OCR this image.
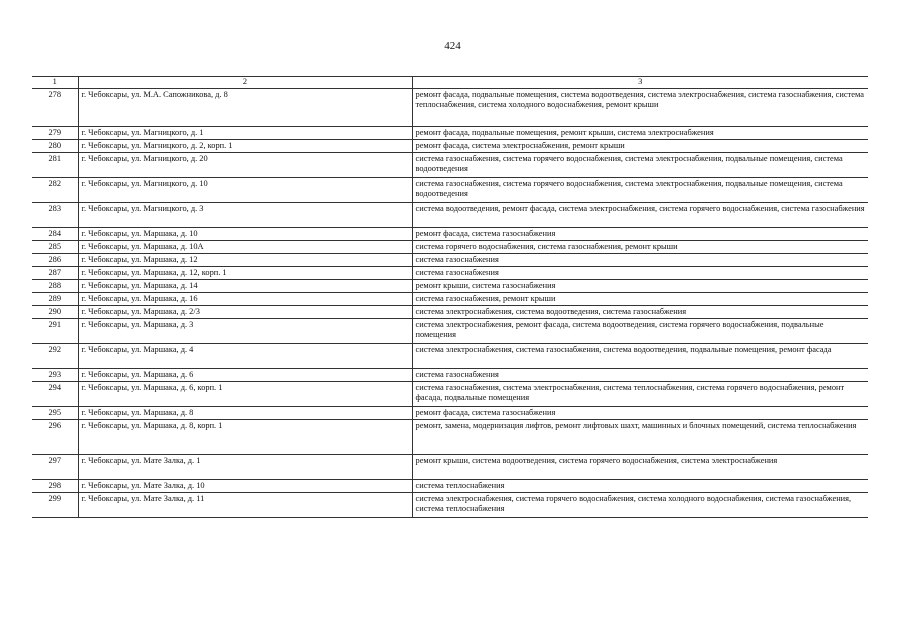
424
1	2	3
278	г. Чебоксары, ул. М.А. Сапожникова, д. 8	ремонт фасада, подвальные помещения, система водоотведения, система электроснабжения, система газоснабжения, система теплоснабжения, система холодного водоснабжения, ремонт крыши
279	г. Чебоксары, ул. Магницкого, д. 1	ремонт фасада, подвальные помещения, ремонт крыши, система электроснабжения
280	г. Чебоксары, ул. Магницкого, д. 2, корп. 1	ремонт фасада, система электроснабжения, ремонт крыши
281	г. Чебоксары, ул. Магницкого, д. 20	система газоснабжения, система горячего водоснабжения, система электроснабжения, подвальные помещения, система водоотведения
282	г. Чебоксары, ул. Магницкого, д. 10	система газоснабжения, система горячего водоснабжения, система электроснабжения, подвальные помещения, система водоотведения
283	г. Чебоксары, ул. Магницкого, д. 3	система водоотведения, ремонт фасада, система электроснабжения, система горячего водоснабжения, система газоснабжения
284	г. Чебоксары, ул. Маршака, д. 10	ремонт фасада, система газоснабжения
285	г. Чебоксары, ул. Маршака, д. 10А	система горячего водоснабжения, система газоснабжения, ремонт крыши
286	г. Чебоксары, ул. Маршака, д. 12	система газоснабжения
287	г. Чебоксары, ул. Маршака, д. 12, корп. 1	система газоснабжения
288	г. Чебоксары, ул. Маршака, д. 14	ремонт крыши, система газоснабжения
289	г. Чебоксары, ул. Маршака, д. 16	система газоснабжения, ремонт крыши
290	г. Чебоксары, ул. Маршака, д. 2/3	система электроснабжения, система водоотведения, система газоснабжения
291	г. Чебоксары, ул. Маршака, д. 3	система электроснабжения, ремонт фасада, система водоотведения, система горячего водоснабжения, подвальные помещения
292	г. Чебоксары, ул. Маршака, д. 4	система электроснабжения, система газоснабжения, система водоотведения, подвальные помещения, ремонт фасада
293	г. Чебоксары, ул. Маршака, д. 6	система газоснабжения
294	г. Чебоксары, ул. Маршака, д. 6, корп. 1	система газоснабжения, система электроснабжения, система теплоснабжения, система горячего водоснабжения, ремонт фасада, подвальные помещения
295	г. Чебоксары, ул. Маршака, д. 8	ремонт фасада, система газоснабжения
296	г. Чебоксары, ул. Маршака, д. 8, корп. 1	ремонт, замена, модернизация лифтов, ремонт лифтовых шахт, машинных и блочных помещений, система теплоснабжения
297	г. Чебоксары, ул. Мате Залка, д. 1	ремонт крыши, система водоотведения, система горячего водоснабжения, система электроснабжения
298	г. Чебоксары, ул. Мате Залка, д. 10	система теплоснабжения
299	г. Чебоксары, ул. Мате Залка, д. 11	система электроснабжения, система горячего водоснабжения, система холодного водоснабжения, система газоснабжения, система теплоснабжения
